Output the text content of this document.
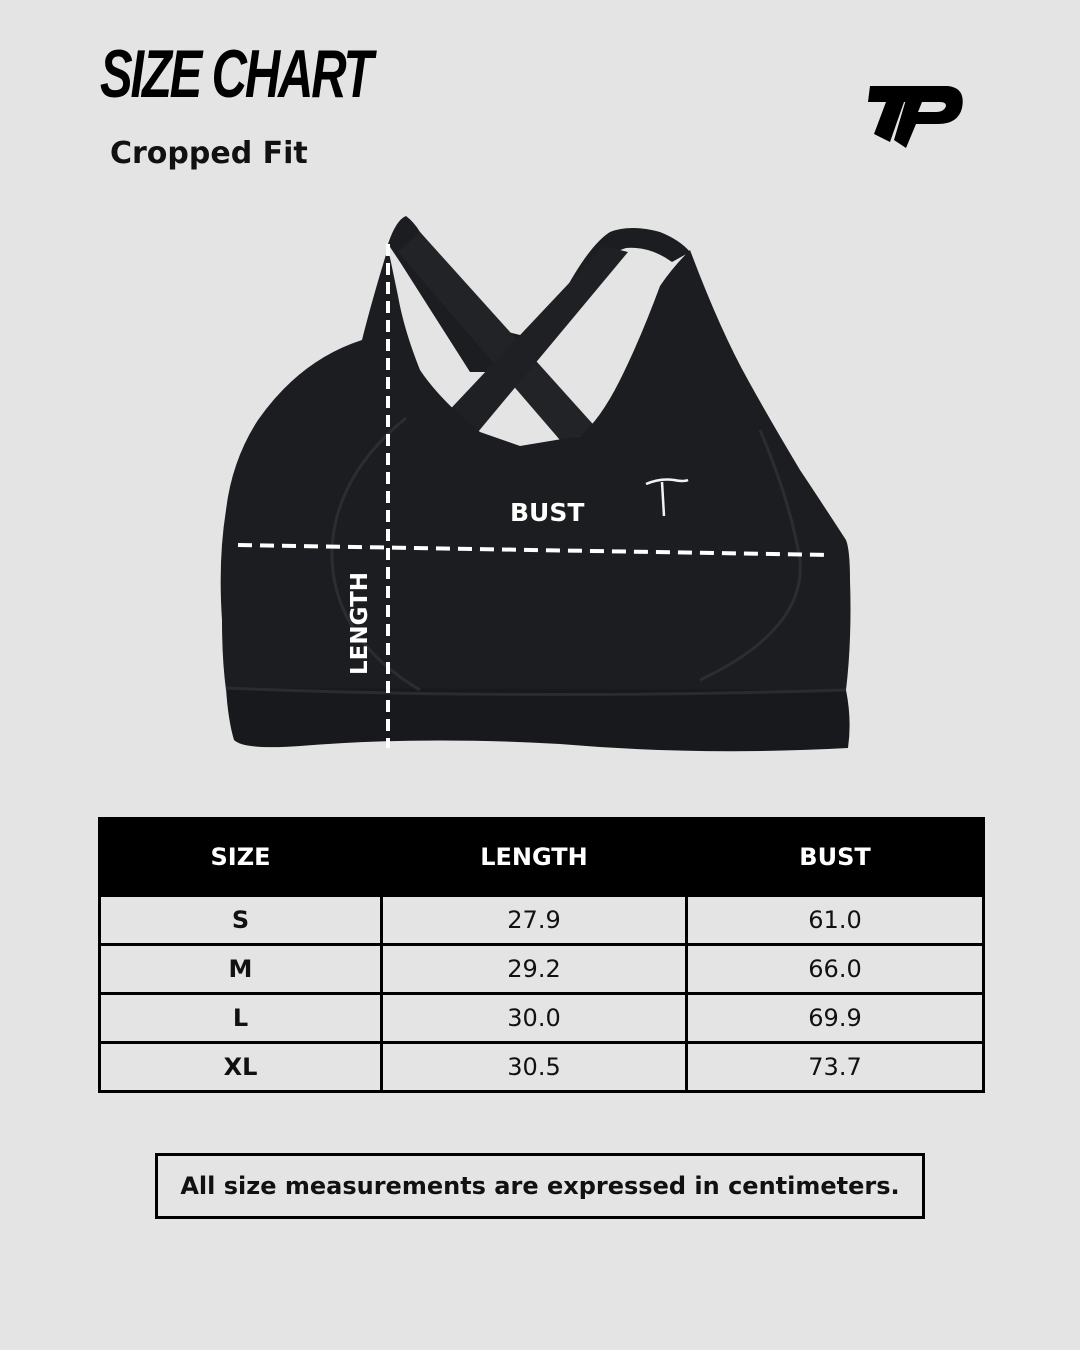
SIZE CHART
Cropped Fit
BUST
LENGTH
SIZE	LENGTH	BUST
S	27.9	61.0
M	29.2	66.0
L	30.0	69.9
XL	30.5	73.7
All size measurements are expressed in centimeters.
